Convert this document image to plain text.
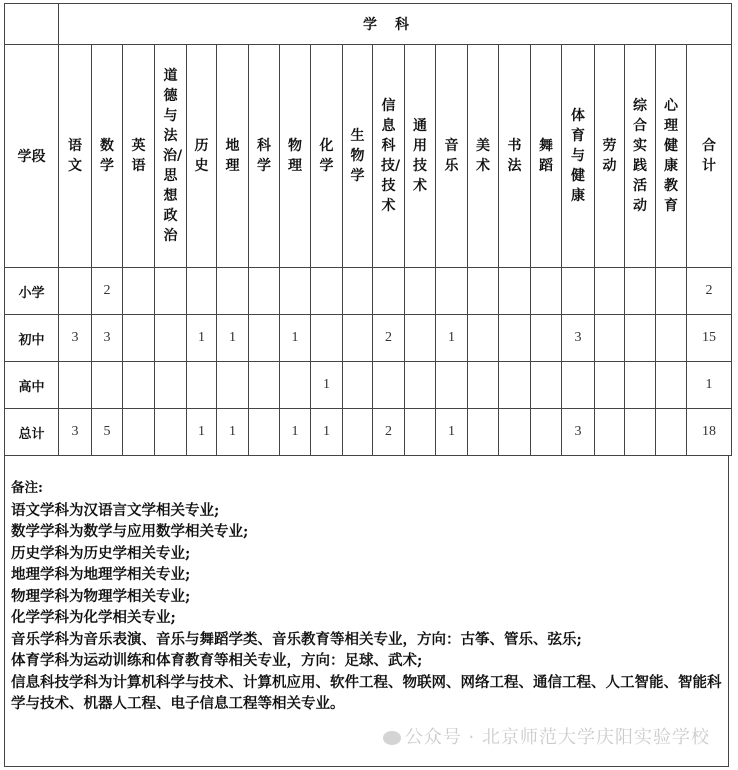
	学科																				
学段	语文	数学	英语	道德与法治/思想政治	历史	地理	科学	物理	化学	生物学	信息科技/技术	通用技术	音乐	美术	书法	舞蹈	体育与健康	劳动	综合实践活动	心理健康教育	合计
小学		2																			2
初中	3	3			1	1		1			2		1				3				15
高中									1												1
总计	3	5			1	1		1	1		2		1				3				18

备注:

语文学科为汉语言文学相关专业;

数学学科为数学与应用数学相关专业;

历史学科为历史学相关专业;

地理学科为地理学相关专业;

物理学科为物理学相关专业;

化学学科为化学相关专业;

音乐学科为音乐表演、音乐与舞蹈学类、音乐教育等相关专业，方向：古筝、管乐、弦乐;

体育学科为运动训练和体育教育等相关专业，方向：足球、武术;

信息科技学科为计算机科学与技术、计算机应用、软件工程、物联网、网络工程、通信工程、人工智能、智能科学与技术、机器人工程、电子信息工程等相关专业。

公众号 · 北京师范大学庆阳实验学校
